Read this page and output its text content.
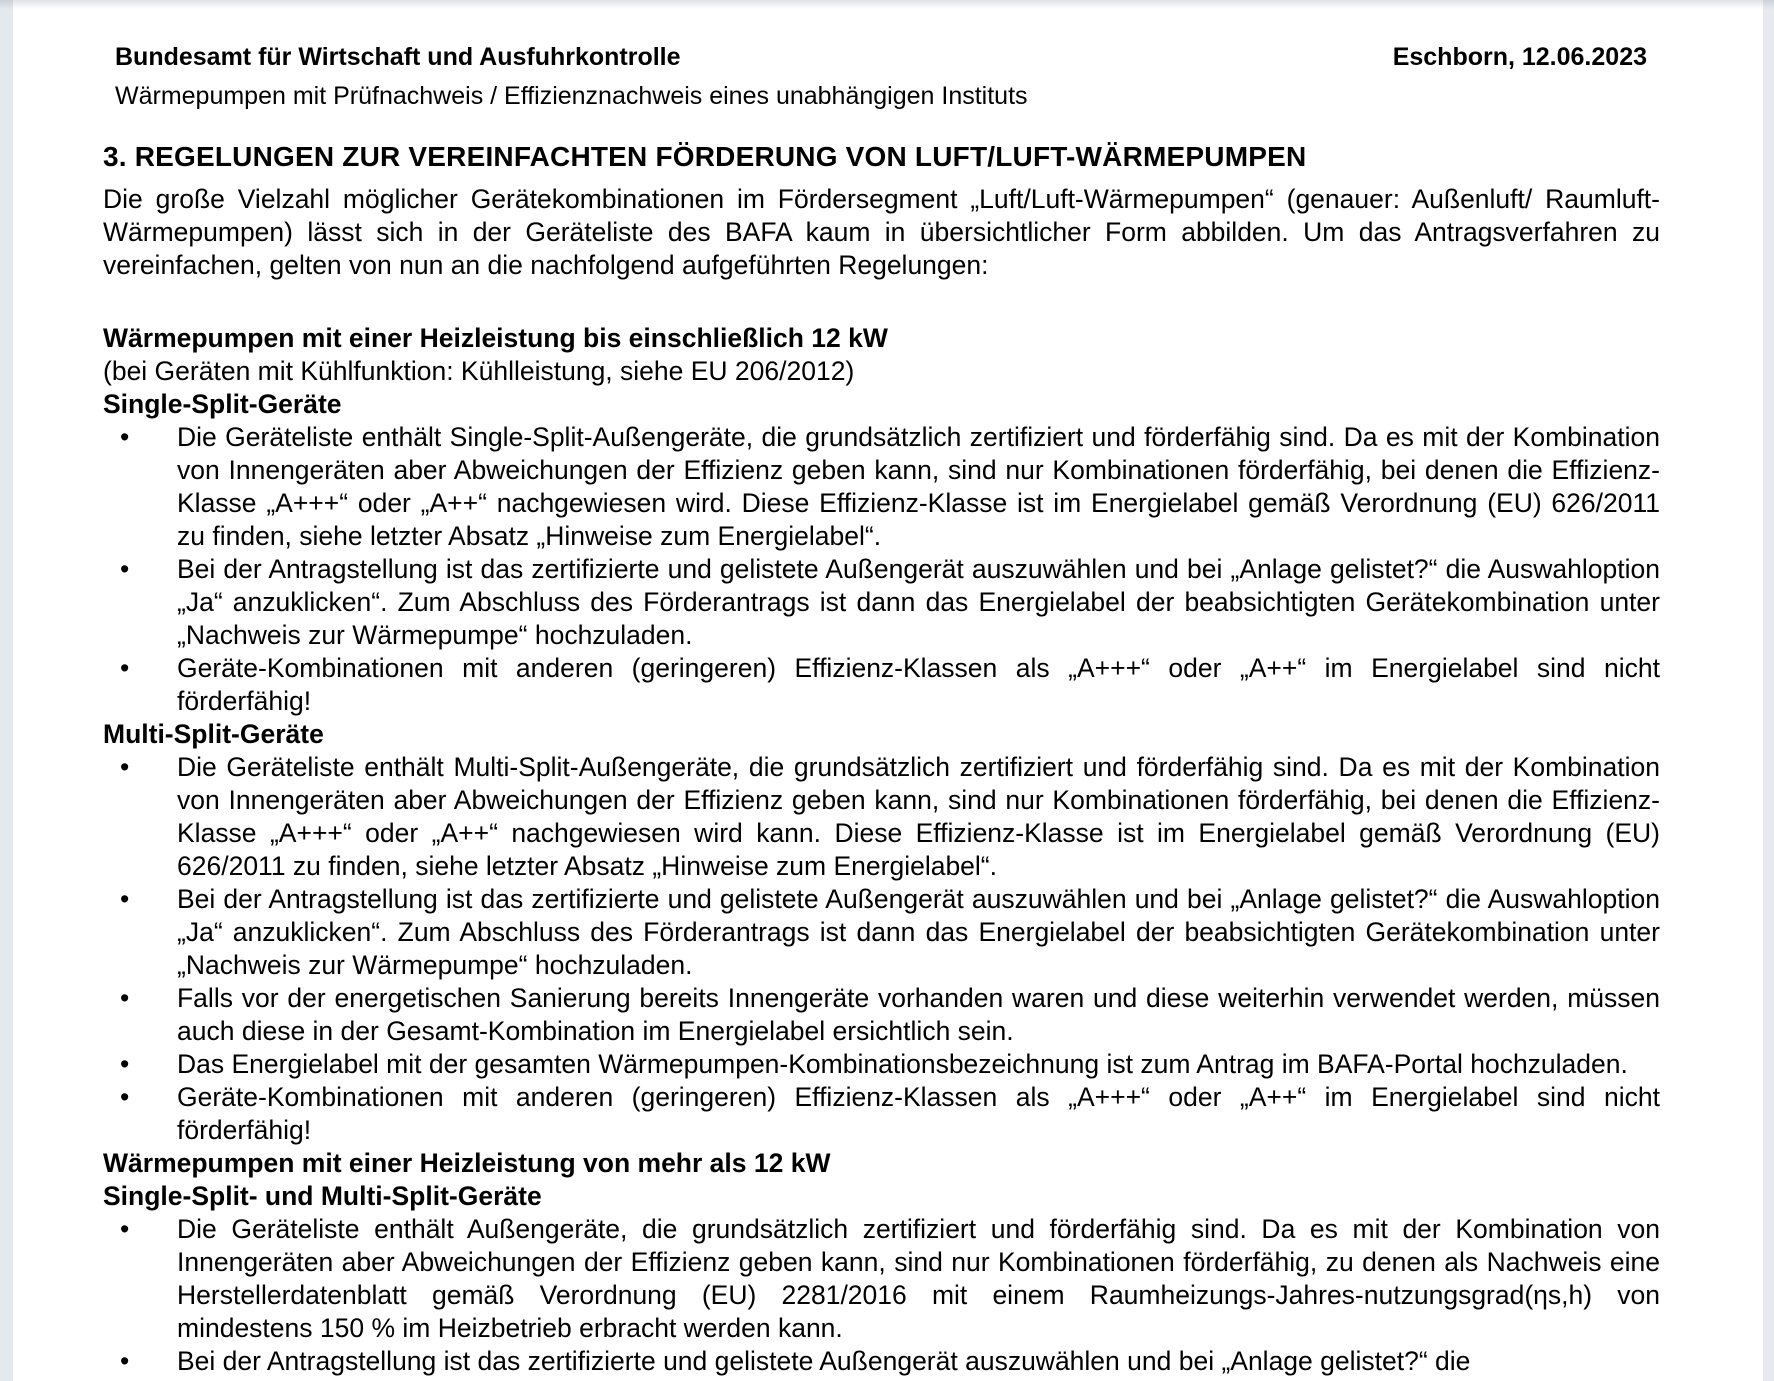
Bundesamt für Wirtschaft und Ausfuhrkontrolle	Eschborn, 12.06.2023
Wärmepumpen mit Prüfnachweis / Effizienznachweis eines unabhängigen Instituts
3. REGELUNGEN ZUR VEREINFACHTEN FÖRDERUNG VON LUFT/LUFT-WÄRMEPUMPEN

Die große Vielzahl möglicher Gerätekombinationen im Fördersegment „Luft/Luft-Wärmepumpen“ (genauer: Außenluft/ Raumluft-Wärmepumpen) lässt sich in der Geräteliste des BAFA kaum in übersichtlicher Form abbilden. Um das Antragsverfahren zu vereinfachen, gelten von nun an die nachfolgend aufgeführten Regelungen:

Wärmepumpen mit einer Heizleistung bis einschließlich 12 kW

(bei Geräten mit Kühlfunktion: Kühlleistung, siehe EU 206/2012)

Single-Split-Geräte
• Die Geräteliste enthält Single-Split-Außengeräte, die grundsätzlich zertifiziert und förderfähig sind. Da es mit der Kombination von Innengeräten aber Abweichungen der Effizienz geben kann, sind nur Kombinationen förderfähig, bei denen die Effizienz-Klasse „A+++“ oder „A++“ nachgewiesen wird. Diese Effizienz-Klasse ist im Energielabel gemäß Verordnung (EU) 626/2011 zu finden, siehe letzter Absatz „Hinweise zum Energielabel“.
• Bei der Antragstellung ist das zertifizierte und gelistete Außengerät auszuwählen und bei „Anlage gelistet?“ die Auswahloption „Ja“ anzuklicken“. Zum Abschluss des Förderantrags ist dann das Energielabel der beabsichtigten Gerätekombination unter „Nachweis zur Wärmepumpe“ hochzuladen.
• Geräte-Kombinationen mit anderen (geringeren) Effizienz-Klassen als „A+++“ oder „A++“ im Energielabel sind nicht förderfähig!
Multi-Split-Geräte
• Die Geräteliste enthält Multi-Split-Außengeräte, die grundsätzlich zertifiziert und förderfähig sind. Da es mit der Kombination von Innengeräten aber Abweichungen der Effizienz geben kann, sind nur Kombinationen förderfähig, bei denen die Effizienz-Klasse „A+++“ oder „A++“ nachgewiesen wird kann. Diese Effizienz-Klasse ist im Energielabel gemäß Verordnung (EU) 626/2011 zu finden, siehe letzter Absatz „Hinweise zum Energielabel“.
• Bei der Antragstellung ist das zertifizierte und gelistete Außengerät auszuwählen und bei „Anlage gelistet?“ die Auswahloption „Ja“ anzuklicken“. Zum Abschluss des Förderantrags ist dann das Energielabel der beabsichtigten Gerätekombination unter „Nachweis zur Wärmepumpe“ hochzuladen.
• Falls vor der energetischen Sanierung bereits Innengeräte vorhanden waren und diese weiterhin verwendet werden, müssen auch diese in der Gesamt-Kombination im Energielabel ersichtlich sein.
• Das Energielabel mit der gesamten Wärmepumpen-Kombinationsbezeichnung ist zum Antrag im BAFA-Portal hochzuladen.
• Geräte-Kombinationen mit anderen (geringeren) Effizienz-Klassen als „A+++“ oder „A++“ im Energielabel sind nicht förderfähig!
Wärmepumpen mit einer Heizleistung von mehr als 12 kW
Single-Split- und Multi-Split-Geräte
• Die Geräteliste enthält Außengeräte, die grundsätzlich zertifiziert und förderfähig sind. Da es mit der Kombination von Innengeräten aber Abweichungen der Effizienz geben kann, sind nur Kombinationen förderfähig, zu denen als Nachweis eine Herstellerdatenblatt gemäß Verordnung (EU) 2281/2016 mit einem Raumheizungs-Jahres-nutzungsgrad(ηs,h) von mindestens 150 % im Heizbetrieb erbracht werden kann.
• Bei der Antragstellung ist das zertifizierte und gelistete Außengerät auszuwählen und bei „Anlage gelistet?“ die
